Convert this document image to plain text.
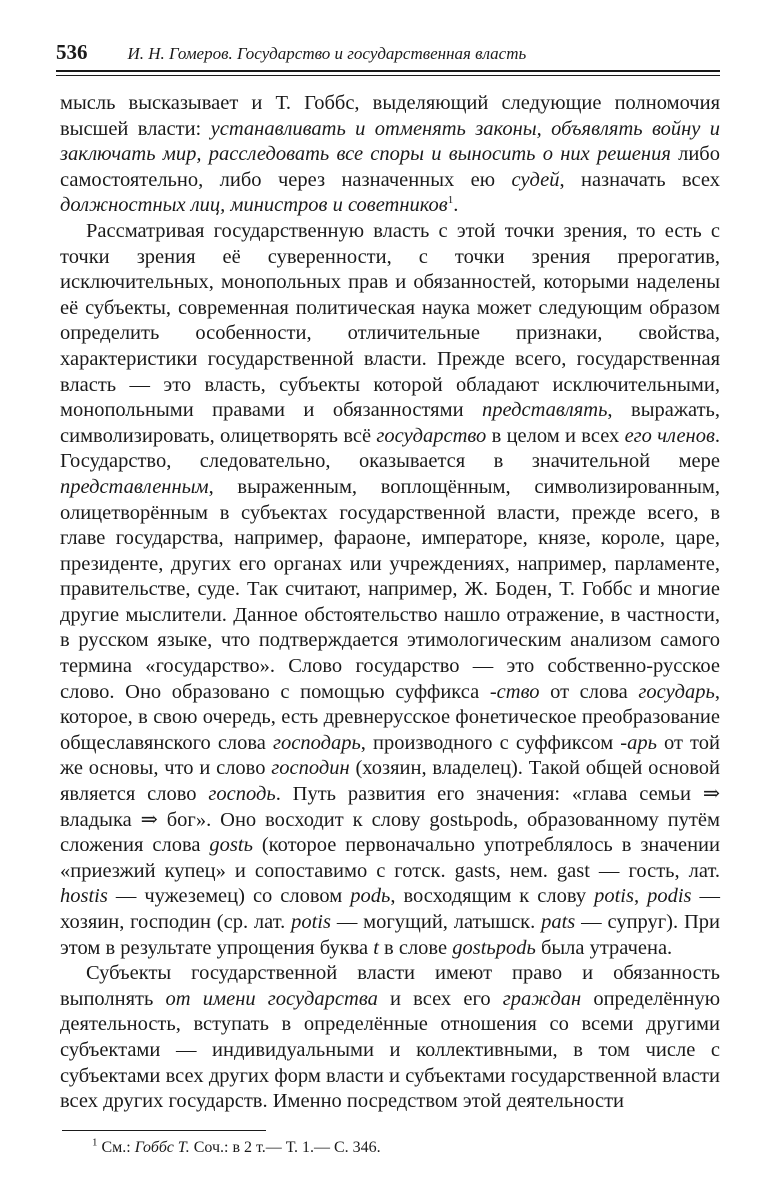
536 И. Н. Гомеров. Государство и государственная власть

мысль высказывает и Т. Гоббс, выделяющий следующие полномочия высшей власти: устанавливать и отменять законы, объявлять войну и заключать мир, расследовать все споры и выносить о них решения либо самостоятельно, либо через назначенных ею судей, назначать всех должностных лиц, министров и советников$^1$.

Рассматривая государственную власть с этой точки зрения, то есть с точки зрения её суверенности, с точки зрения прерогатив, исключительных, монопольных прав и обязанностей, которыми наделены её субъекты, современная политическая наука может следующим образом определить особенности, отличительные признаки, свойства, характеристики государственной власти. Прежде всего, государственная власть — это власть, субъекты которой обладают исключительными, монопольными правами и обязанностями представлять, выражать, символизировать, олицетворять всё государство в целом и всех его членов. Государство, следовательно, оказывается в значительной мере представленным, выраженным, воплощённым, символизированным, олицетворённым в субъектах государственной власти, прежде всего, в главе государства, например, фараоне, императоре, князе, короле, царе, президенте, других его органах или учреждениях, например, парламенте, правительстве, суде. Так считают, например, Ж. Боден, Т. Гоббс и многие другие мыслители. Данное обстоятельство нашло отражение, в частности, в русском языке, что подтверждается этимологическим анализом самого термина «государство». Слово государство — это собственно-русское слово. Оно образовано с помощью суффикса -ство от слова государь, которое, в свою очередь, есть древнерусское фонетическое преобразование общеславянского слова господарь, производного с суффиксом -арь от той же основы, что и слово господин (хозяин, владелец). Такой общей основой является слово господь. Путь развития его значения: «глава семьи ⇒ владыка ⇒ бог». Оно восходит к слову gostьpodь, образованному путём сложения слова gostь (которое первоначально употреблялось в значении «приезжий купец» и сопоставимо с готск. gasts, нем. gast — гость, лат. hostis — чужеземец) со словом podь, восходящим к слову potis, podis — хозяин, господин (ср. лат. potis — могущий, латышск. pats — супруг). При этом в результате упрощения буква t в слове gostьpodь была утрачена.

Субъекты государственной власти имеют право и обязанность выполнять от имени государства и всех его граждан определённую деятельность, вступать в определённые отношения со всеми другими субъектами — индивидуальными и коллективными, в том числе с субъектами всех других форм власти и субъектами государственной власти всех других государств. Именно посредством этой деятельности

$^1$ См.: Гоббс Т. Соч.: в 2 т.— Т. 1.— С. 346.
